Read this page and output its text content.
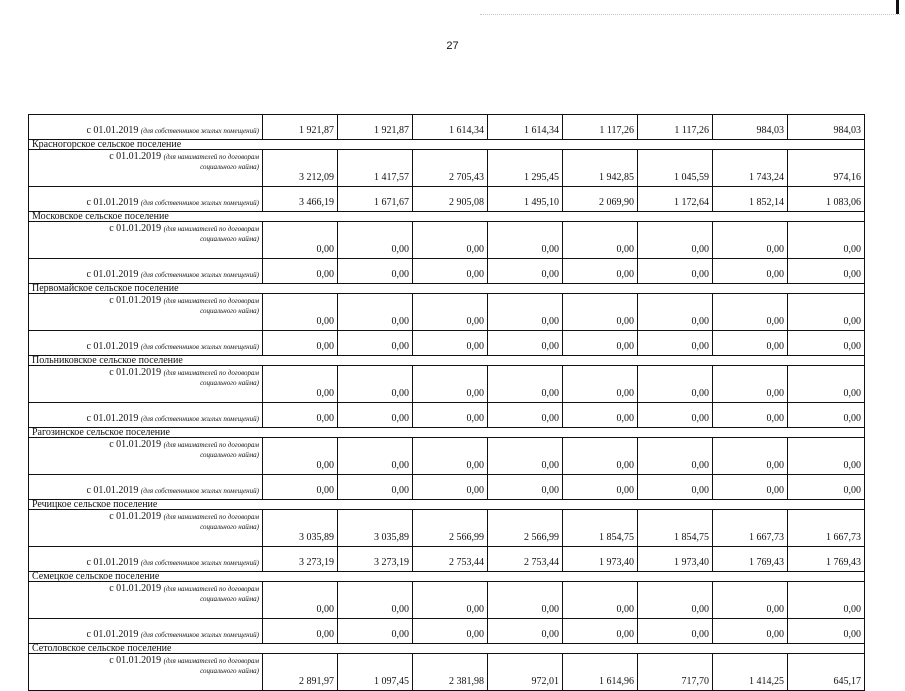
27
с 01.01.2019 (для собственников жилых помещений)	1 921,87	1 921,87	1 614,34	1 614,34	1 117,26	1 117,26	984,03	984,03
Красногорское сельское поселение								
с 01.01.2019 (для нанимателей по договорам
социального найма)	3 212,09	1 417,57	2 705,43	1 295,45	1 942,85	1 045,59	1 743,24	974,16
с 01.01.2019 (для собственников жилых помещений)	3 466,19	1 671,67	2 905,08	1 495,10	2 069,90	1 172,64	1 852,14	1 083,06
Московское сельское поселение								
с 01.01.2019 (для нанимателей по договорам
социального найма)	0,00	0,00	0,00	0,00	0,00	0,00	0,00	0,00
с 01.01.2019 (для собственников жилых помещений)	0,00	0,00	0,00	0,00	0,00	0,00	0,00	0,00
Первомайское сельское поселение								
с 01.01.2019 (для нанимателей по договорам
социального найма)	0,00	0,00	0,00	0,00	0,00	0,00	0,00	0,00
с 01.01.2019 (для собственников жилых помещений)	0,00	0,00	0,00	0,00	0,00	0,00	0,00	0,00
Польниковское сельское поселение								
с 01.01.2019 (для нанимателей по договорам
социального найма)	0,00	0,00	0,00	0,00	0,00	0,00	0,00	0,00
с 01.01.2019 (для собственников жилых помещений)	0,00	0,00	0,00	0,00	0,00	0,00	0,00	0,00
Рагозинское сельское поселение								
с 01.01.2019 (для нанимателей по договорам
социального найма)	0,00	0,00	0,00	0,00	0,00	0,00	0,00	0,00
с 01.01.2019 (для собственников жилых помещений)	0,00	0,00	0,00	0,00	0,00	0,00	0,00	0,00
Речицкое сельское поселение								
с 01.01.2019 (для нанимателей по договорам
социального найма)	3 035,89	3 035,89	2 566,99	2 566,99	1 854,75	1 854,75	1 667,73	1 667,73
с 01.01.2019 (для собственников жилых помещений)	3 273,19	3 273,19	2 753,44	2 753,44	1 973,40	1 973,40	1 769,43	1 769,43
Семецкое сельское поселение								
с 01.01.2019 (для нанимателей по договорам
социального найма)	0,00	0,00	0,00	0,00	0,00	0,00	0,00	0,00
с 01.01.2019 (для собственников жилых помещений)	0,00	0,00	0,00	0,00	0,00	0,00	0,00	0,00
Сетоловское сельское поселение								
с 01.01.2019 (для нанимателей по договорам
социального найма)	2 891,97	1 097,45	2 381,98	972,01	1 614,96	717,70	1 414,25	645,17
